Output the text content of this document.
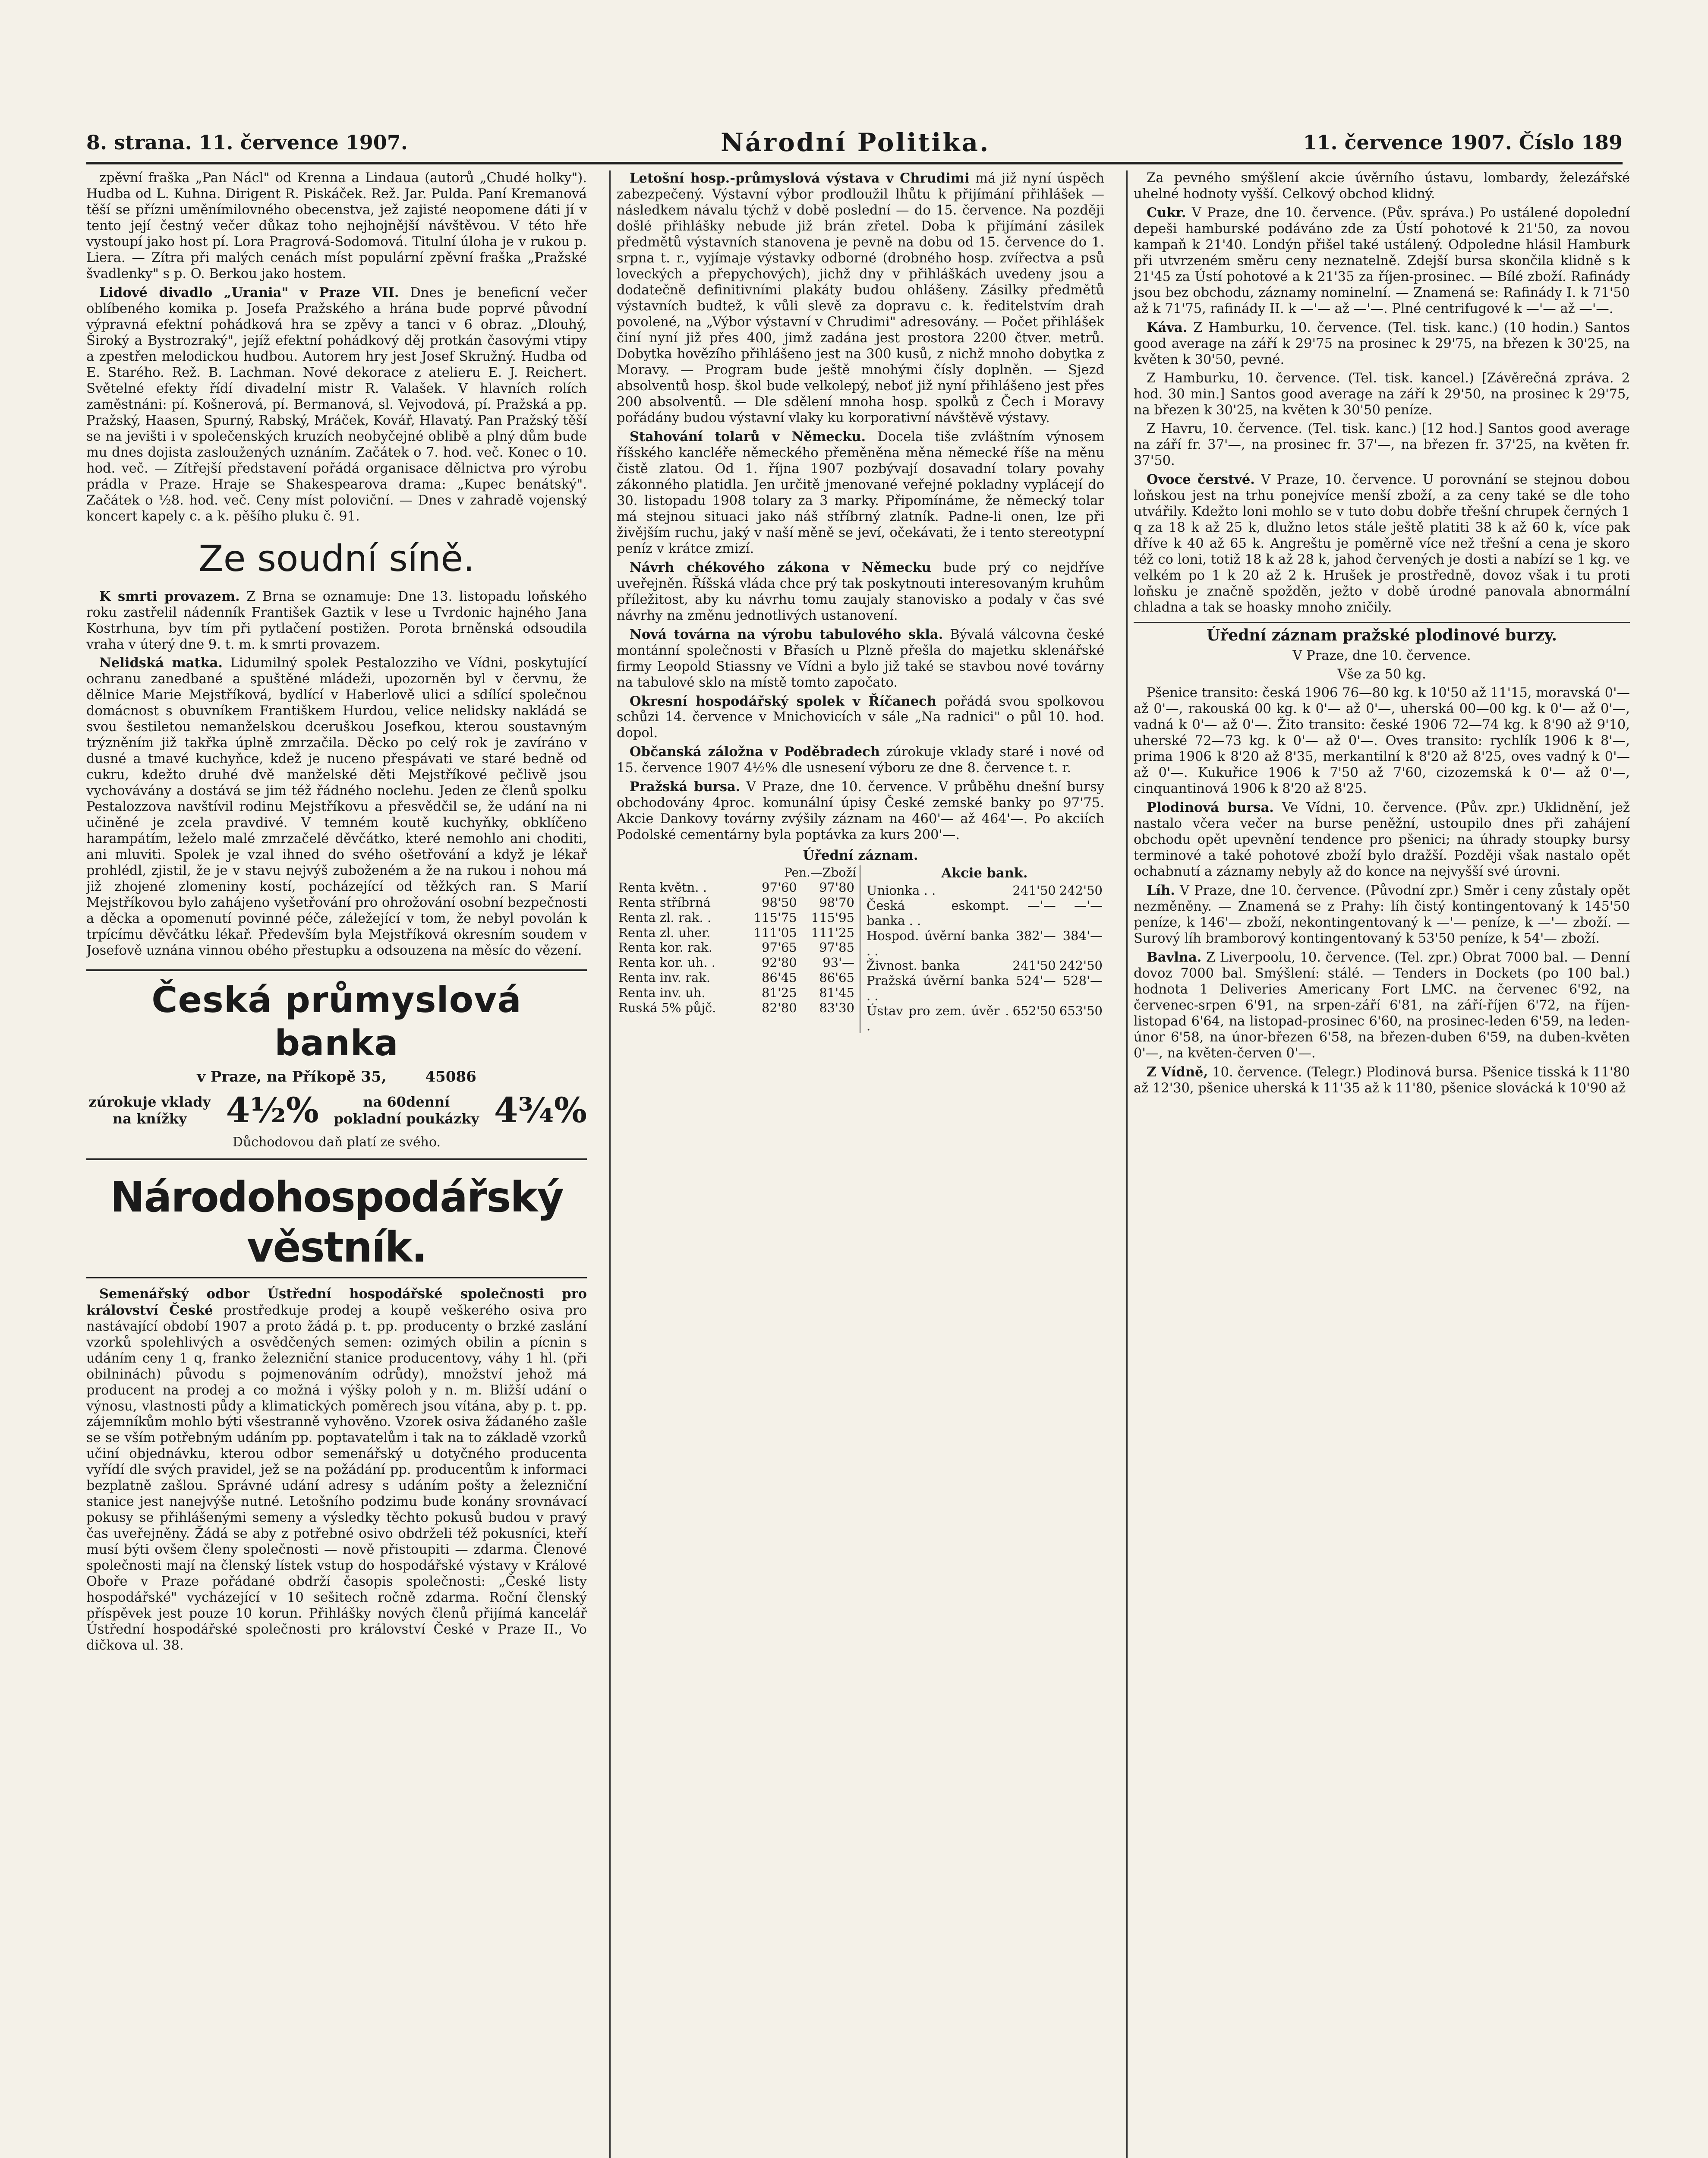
8. strana. 11. července 1907.	Národní Politika.	11. července 1907. Číslo 189

zpěvní fraška „Pan Nácl" od Krenna a Lindaua (autorů „Chudé holky"). Hudba od L. Kuhna. Dirigent R. Piskáček. Rež. Jar. Pulda. Paní Kremanová těší se přízni uměnímilovného obecenstva, jež zajisté neopomene dáti jí v tento její čestný večer důkaz toho nejhojnější návštěvou. V této hře vystoupí jako host pí. Lora Pragrová-Sodomová. Titulní úloha je v rukou p. Liera. — Zítra při malých cenách míst populární zpěvní fraška „Pražské švadlenky" s p. O. Berkou jako hostem.

Lidové divadlo „Urania" v Praze VII. Dnes je beneficní večer oblíbeného komika p. Josefa Pražského a hrána bude poprvé původní výpravná efektní pohádková hra se zpěvy a tanci v 6 obraz. „Dlouhý, Široký a Bystrozraký", jejíž efektní pohádkový děj protkán časovými vtipy a zpestřen melodickou hudbou. Autorem hry jest Josef Skružný. Hudba od E. Starého. Rež. B. Lachman. Nové dekorace z atelieru E. J. Reichert. Světelné efekty řídí divadelní mistr R. Valašek. V hlavních rolích zaměstnáni: pí. Košnerová, pí. Bermanová, sl. Vejvodová, pí. Pražská a pp. Pražský, Haasen, Spurný, Rabský, Mráček, Kovář, Hlavatý. Pan Pražský těší se na jevišti i v společenských kruzích neobyčejné oblibě a plný dům bude mu dnes dojista zasloužených uznáním. Začátek o 7. hod. več. Konec o 10. hod. več. — Zítřejší představení pořádá organisace dělnictva pro výrobu prádla v Praze. Hraje se Shakespearova drama: „Kupec benátský". Začátek o ½8. hod. več. Ceny míst poloviční. — Dnes v zahradě vojenský koncert kapely c. a k. pěšího pluku č. 91.

Ze soudní síně.

K smrti provazem. Z Brna se oznamuje: Dne 13. listopadu loňského roku zastřelil nádenník František Gaztik v lese u Tvrdonic hajného Jana Kostrhuna, byv tím při pytlačení postižen. Porota brněnská odsoudila vraha v úterý dne 9. t. m. k smrti provazem.

Nelidská matka. Lidumilný spolek Pestalozziho ve Vídni, poskytující ochranu zanedbané a spuštěné mládeži, upozorněn byl v červnu, že dělnice Marie Mejstříková, bydlící v Haberlově ulici a sdílící společnou domácnost s obuvníkem Františkem Hurdou, velice nelidsky nakládá se svou šestiletou nemanželskou dceruškou Josefkou, kterou soustavným trýzněním již takřka úplně zmrzačila. Děcko po celý rok je zavíráno v dusné a tmavé kuchyňce, kdež je nuceno přespávati ve staré bedně od cukru, kdežto druhé dvě manželské děti Mejstříkové pečlivě jsou vychovávány a dostává se jim též řádného noclehu. Jeden ze členů spolku Pestalozzova navštívil rodinu Mejstříkovu a přesvědčil se, že udání na ni učiněné je zcela pravdivé. V temném koutě kuchyňky, obklíčeno harampátím, leželo malé zmrzačelé děvčátko, které nemohlo ani choditi, ani mluviti. Spolek je vzal ihned do svého ošetřování a když je lékař prohlédl, zjistil, že je v stavu nejvýš zuboženém a že na rukou i nohou má již zhojené zlomeniny kostí, pocházející od těžkých ran. S Marií Mejstříkovou bylo zahájeno vyšetřování pro ohrožování osobní bezpečnosti a děcka a opomenutí povinné péče, záležející v tom, že nebyl povolán k trpícímu děvčátku lékař. Především byla Mejstříková okresním soudem v Josefově uznána vinnou obého přestupku a odsouzena na měsíc do vězení.

Česká průmyslová banka
v Praze, na Příkopě 35,	45086
zúrokuje vklady na knížky	4½%	na 60denní pokladní poukázky 4¾%
Důchodovou daň platí ze svého.
Národohospodářský věstník.

Semenářský odbor Ústřední hospodářské společnosti pro království České prostředkuje prodej a koupě veškerého osiva pro nastávající období 1907 a proto žádá p. t. pp. producenty o brzké zaslání vzorků spolehlivých a osvědčených semen: ozimých obilin a pícnin s udáním ceny 1 q, franko železniční stanice producentovy, váhy 1 hl. (při obilninách) původu s pojmenováním odrůdy), množství jehož má producent na prodej a co možná i výšky poloh y n. m. Bližší udání o výnosu, vlastnosti půdy a klimatických poměrech jsou vítána, aby p. t. pp. zájemníkům mohlo býti všestranně vyhověno. Vzorek osiva žádaného zašle se se vším potřebným udáním pp. poptavatelům i tak na to základě vzorků učiní objednávku, kterou odbor semenářský u dotyčného producenta vyřídí dle svých pravidel, jež se na požádání pp. producentům k informaci bezplatně zašlou. Správné udání adresy s udáním pošty a železniční stanice jest nanejvýše nutné. Letošního podzimu bude konány srovnávací pokusy se přihlášenými semeny a výsledky těchto pokusů budou v pravý čas uveřejněny. Žádá se aby z potřebné osivo obdrželi též pokusníci, kteří musí býti ovšem členy společnosti — nově přistoupiti — zdarma. Členové společnosti mají na členský lístek vstup do hospodářské výstavy v Králové Oboře v Praze pořádané obdrží časopis společnosti: „České listy hospodářské" vycházející v 10 sešitech ročně zdarma. Roční členský příspěvek jest pouze 10 korun. Přihlášky nových členů přijímá kancelář Ústřední hospodářské společnosti pro království České v Praze II., Vo dičkova ul. 38.

Letošní hosp.-průmyslová výstava v Chrudimi má již nyní úspěch zabezpečený. Výstavní výbor prodloužil lhůtu k přijímání přihlášek — následkem návalu týchž v době poslední — do 15. července. Na později došlé přihlášky nebude již brán zřetel. Doba k přijímání zásilek předmětů výstavních stanovena je pevně na dobu od 15. července do 1. srpna t. r., vyjímaje výstavky odborné (drobného hosp. zvířectva a psů loveckých a přepychových), jichž dny v přihláškách uvedeny jsou a dodatečně definitivními plakáty budou ohlášeny. Zásilky předmětů výstavních budtež, k vůli slevě za dopravu c. k. ředitelstvím drah povolené, na „Výbor výstavní v Chrudimi" adresovány. — Počet přihlášek činí nyní již přes 400, jimž zadána jest prostora 2200 čtver. metrů. Dobytka hovězího přihlášeno jest na 300 kusů, z nichž mnoho dobytka z Moravy. — Program bude ještě mnohými čísly doplněn. — Sjezd absolventů hosp. škol bude velkolepý, neboť již nyní přihlášeno jest přes 200 absolventů. — Dle sdělení mnoha hosp. spolků z Čech i Moravy pořádány budou výstavní vlaky ku korporativní návštěvě výstavy.

Stahování tolarů v Německu. Docela tiše zvláštním výnosem říšského kancléře německého přeměněna měna německé říše na měnu čistě zlatou. Od 1. října 1907 pozbývají dosavadní tolary povahy zákonného platidla. Jen určitě jmenované veřejné pokladny vyplácejí do 30. listopadu 1908 tolary za 3 marky. Připomínáme, že německý tolar má stejnou situaci jako náš stříbrný zlatník. Padne-li onen, lze při živějším ruchu, jaký v naší měně se jeví, očekávati, že i tento stereotypní peníz v krátce zmizí.

Návrh chékového zákona v Německu bude prý co nejdříve uveřejněn. Říšská vláda chce prý tak poskytnouti interesovaným kruhům příležitost, aby ku návrhu tomu zaujaly stanovisko a podaly v čas své návrhy na změnu jednotlivých ustanovení.

Nová továrna na výrobu tabulového skla. Bývalá válcovna české montánní společnosti v Břasích u Plzně přešla do majetku sklenářské firmy Leopold Stiassny ve Vídni a bylo již také se stavbou nové továrny na tabulové sklo na místě tomto započato.

Okresní hospodářský spolek v Říčanech pořádá svou spolkovou schůzi 14. července v Mnichovicích v sále „Na radnici" o půl 10. hod. dopol.

Občanská záložna v Poděbradech zúrokuje vklady staré i nové od 15. července 1907 4½% dle usnesení výboru ze dne 8. července t. r.

Pražská bursa. V Praze, dne 10. července. V průběhu dnešní bursy obchodovány 4proc. komunální úpisy České zemské banky po 97'75. Akcie Dankovy továrny zvýšily záznam na 460'— až 464'—. Po akciích Podolské cementárny byla poptávka za kurs 200'—.

Úřední záznam.
Pen.—Zboží
Renta květn. .	97'60	97'80
Renta stříbrná	98'50	98'70
Renta zl. rak. .	115'75	115'95
Renta zl. uher.	111'05	111'25
Renta kor. rak.	97'65	97'85
Renta kor. uh. .	92'80	93'—
Renta inv. rak.	86'45	86'65
Renta inv. uh.	81'25	81'45
Ruská 5% půjč.	82'80	83'30
Akcie bank.
Unionka . .	241'50	242'50
Česká eskompt. banka . .	—'—	—'—
Hospod. úvěrní banka . .	382'—	384'—
Živnost. banka	241'50	242'50
Pražská úvěrní banka . .	524'—	528'—
Ústav pro zem. úvěr . .	652'50	653'50

Za pevného smýšlení akcie úvěrního ústavu, lombardy, železářské uhelné hodnoty vyšší. Celkový obchod klidný.

Cukr. V Praze, dne 10. července. (Pův. správa.) Po ustálené dopolední depeši hamburské podáváno zde za Ústí pohotové k 21'50, za novou kampaň k 21'40. Londýn přišel také ustálený. Odpoledne hlásil Hamburk při utvrzeném směru ceny neznatelně. Zdejší bursa skončila klidně s k 21'45 za Ústí pohotové a k 21'35 za říjen-prosinec. — Bílé zboží. Rafinády jsou bez obchodu, záznamy nominelní. — Znamená se: Rafinády I. k 71'50 až k 71'75, rafinády II. k —'— až —'—. Plné centrifugové k —'— až —'—.

Káva. Z Hamburku, 10. července. (Tel. tisk. kanc.) (10 hodin.) Santos good average na září k 29'75 na prosinec k 29'75, na březen k 30'25, na květen k 30'50, pevné.

Z Hamburku, 10. července. (Tel. tisk. kancel.) [Závěrečná zpráva. 2 hod. 30 min.] Santos good average na září k 29'50, na prosinec k 29'75, na březen k 30'25, na květen k 30'50 peníze.

Z Havru, 10. července. (Tel. tisk. kanc.) [12 hod.] Santos good average na září fr. 37'—, na prosinec fr. 37'—, na březen fr. 37'25, na květen fr. 37'50.

Ovoce čerstvé. V Praze, 10. července. U porovnání se stejnou dobou loňskou jest na trhu ponejvíce menší zboží, a za ceny také se dle toho utvářily. Kdežto loni mohlo se v tuto dobu dobře třešní chrupek černých 1 q za 18 k až 25 k, dlužno letos stále ještě platiti 38 k až 60 k, více pak dříve k 40 až 65 k. Angreštu je poměrně více než třešní a cena je skoro též co loni, totiž 18 k až 28 k, jahod červených je dosti a nabízí se 1 kg. ve velkém po 1 k 20 až 2 k. Hrušek je prostředně, dovoz však i tu proti loňsku je značně spožděn, ježto v době úrodné panovala abnormální chladna a tak se hoasky mnoho zničily.

Úřední záznam pražské plodinové burzy.

V Praze, dne 10. července.

Vše za 50 kg.

Pšenice transito: česká 1906 76—80 kg. k 10'50 až 11'15, moravská 0'— až 0'—, rakouská 00 kg. k 0'— až 0'—, uherská 00—00 kg. k 0'— až 0'—, vadná k 0'— až 0'—. Žito transito: české 1906 72—74 kg. k 8'90 až 9'10, uherské 72—73 kg. k 0'— až 0'—. Oves transito: rychlík 1906 k 8'—, prima 1906 k 8'20 až 8'35, merkantilní k 8'20 až 8'25, oves vadný k 0'— až 0'—. Kukuřice 1906 k 7'50 až 7'60, cizozemská k 0'— až 0'—, cinquantinová 1906 k 8'20 až 8'25.

Plodinová bursa. Ve Vídni, 10. července. (Pův. zpr.) Uklidnění, jež nastalo včera večer na burse peněžní, ustoupilo dnes při zahájení obchodu opět upevnění tendence pro pšenici; na úhrady stoupky bursy terminové a také pohotové zboží bylo dražší. Později však nastalo opět ochabnutí a záznamy nebyly až do konce na nejvyšší své úrovni.

Líh. V Praze, dne 10. července. (Původní zpr.) Směr i ceny zůstaly opět nezměněny. — Znamená se z Prahy: líh čistý kontingentovaný k 145'50 peníze, k 146'— zboží, nekontingentovaný k —'— peníze, k —'— zboží. — Surový líh bramborový kontingentovaný k 53'50 peníze, k 54'— zboží.

Bavlna. Z Liverpoolu, 10. července. (Tel. zpr.) Obrat 7000 bal. — Denní dovoz 7000 bal. Smýšlení: stálé. — Tenders in Dockets (po 100 bal.) hodnota 1 Deliveries Americany Fort LMC. na červenec 6'92, na červenec-srpen 6'91, na srpen-září 6'81, na září-říjen 6'72, na říjen-listopad 6'64, na listopad-prosinec 6'60, na prosinec-leden 6'59, na leden-únor 6'58, na únor-březen 6'58, na březen-duben 6'59, na duben-květen 0'—, na květen-červen 0'—.

Z Vídně, 10. července. (Telegr.) Plodinová bursa. Pšenice tisská k 11'80 až 12'30, pšenice uherská k 11'35 až k 11'80, pšenice slovácká k 10'90 až
